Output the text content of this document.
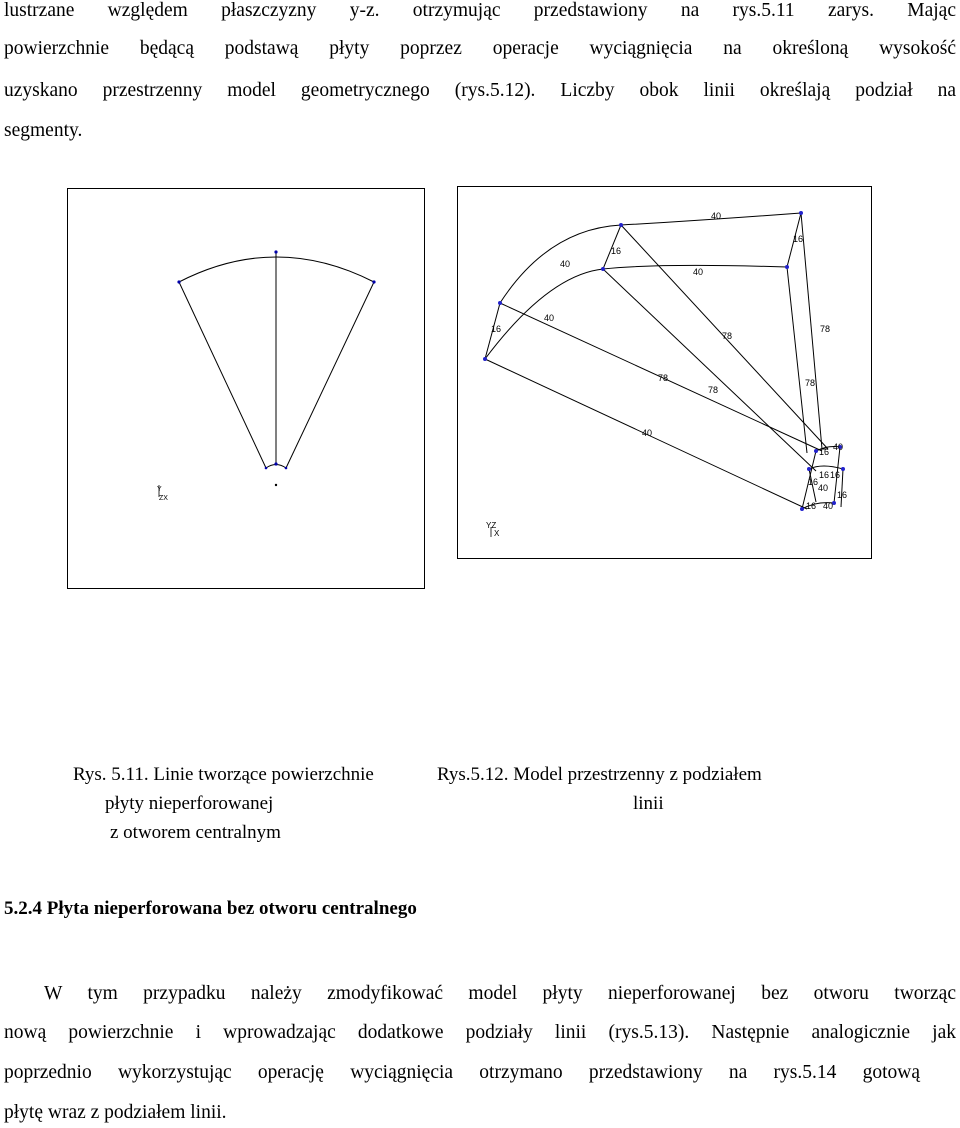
lustrzane względem płaszczyzny y-z. otrzymując przedstawiony na rys.5.11 zarys. Mając
powierzchnie będącą podstawą płyty poprzez operacje wyciągnięcia na określoną wysokość
uzyskano przestrzenny model geometrycznego (rys.5.12). Liczby obok linii określają podział na
segmenty.
Y
ZX
40
16
40
40
16
16
40
78
78
78
78
78
40
40
16
16 16
16
40
16
16 40
YZ
X
Rys. 5.11. Linie tworzące powierzchnie
płyty nieperforowanej
z otworem centralnym
Rys.5.12. Model przestrzenny z podziałem
linii
5.2.4 Płyta nieperforowana bez otworu centralnego
W tym przypadku należy zmodyfikować model płyty nieperforowanej bez otworu tworząc
nową powierzchnie i wprowadzając dodatkowe podziały linii (rys.5.13). Następnie analogicznie jak
poprzednio wykorzystując operację wyciągnięcia otrzymano przedstawiony na rys.5.14 gotową
płytę wraz z podziałem linii.
